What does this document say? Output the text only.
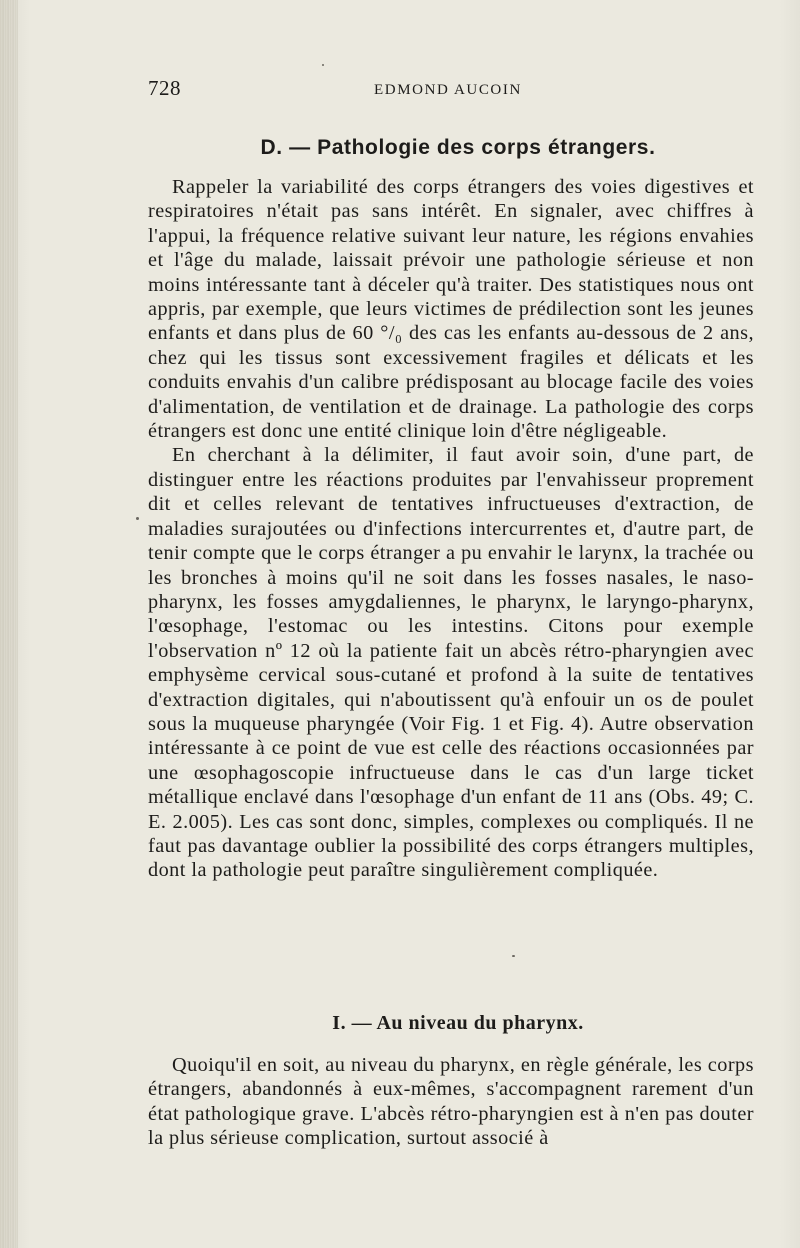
728	EDMOND AUCOIN
D. — Pathologie des corps étrangers.

Rappeler la variabilité des corps étrangers des voies digestives et respiratoires n'était pas sans intérêt. En signaler, avec chiffres à l'appui, la fréquence relative suivant leur nature, les régions envahies et l'âge du malade, laissait prévoir une pathologie sérieuse et non moins intéressante tant à déceler qu'à traiter. Des statistiques nous ont appris, par exemple, que leurs victimes de prédilection sont les jeunes enfants et dans plus de 60 °/₀ des cas les enfants au-dessous de 2 ans, chez qui les tissus sont excessivement fragiles et délicats et les conduits envahis d'un calibre prédisposant au blocage facile des voies d'alimentation, de ventilation et de drainage. La pathologie des corps étrangers est donc une entité clinique loin d'être négligeable.

En cherchant à la délimiter, il faut avoir soin, d'une part, de distinguer entre les réactions produites par l'envahisseur proprement dit et celles relevant de tentatives infructueuses d'extraction, de maladies surajoutées ou d'infections intercurrentes et, d'autre part, de tenir compte que le corps étranger a pu envahir le larynx, la trachée ou les bronches à moins qu'il ne soit dans les fosses nasales, le naso-pharynx, les fosses amygdaliennes, le pharynx, le laryngo-pharynx, l'œsophage, l'estomac ou les intestins. Citons pour exemple l'observation nº 12 où la patiente fait un abcès rétro-pharyngien avec emphysème cervical sous-cutané et profond à la suite de tentatives d'extraction digitales, qui n'aboutissent qu'à enfouir un os de poulet sous la muqueuse pharyngée (Voir Fig. 1 et Fig. 4). Autre observation intéressante à ce point de vue est celle des réactions occasionnées par une œsophagoscopie infructueuse dans le cas d'un large ticket métallique enclavé dans l'œsophage d'un enfant de 11 ans (Obs. 49; C. E. 2.005). Les cas sont donc, simples, complexes ou compliqués. Il ne faut pas davantage oublier la possibilité des corps étrangers multiples, dont la pathologie peut paraître singulièrement compliquée.

I. — Au niveau du pharynx.

Quoiqu'il en soit, au niveau du pharynx, en règle générale, les corps étrangers, abandonnés à eux-mêmes, s'accompagnent rarement d'un état pathologique grave. L'abcès rétro-pharyngien est à n'en pas douter la plus sérieuse complication, surtout associé à
